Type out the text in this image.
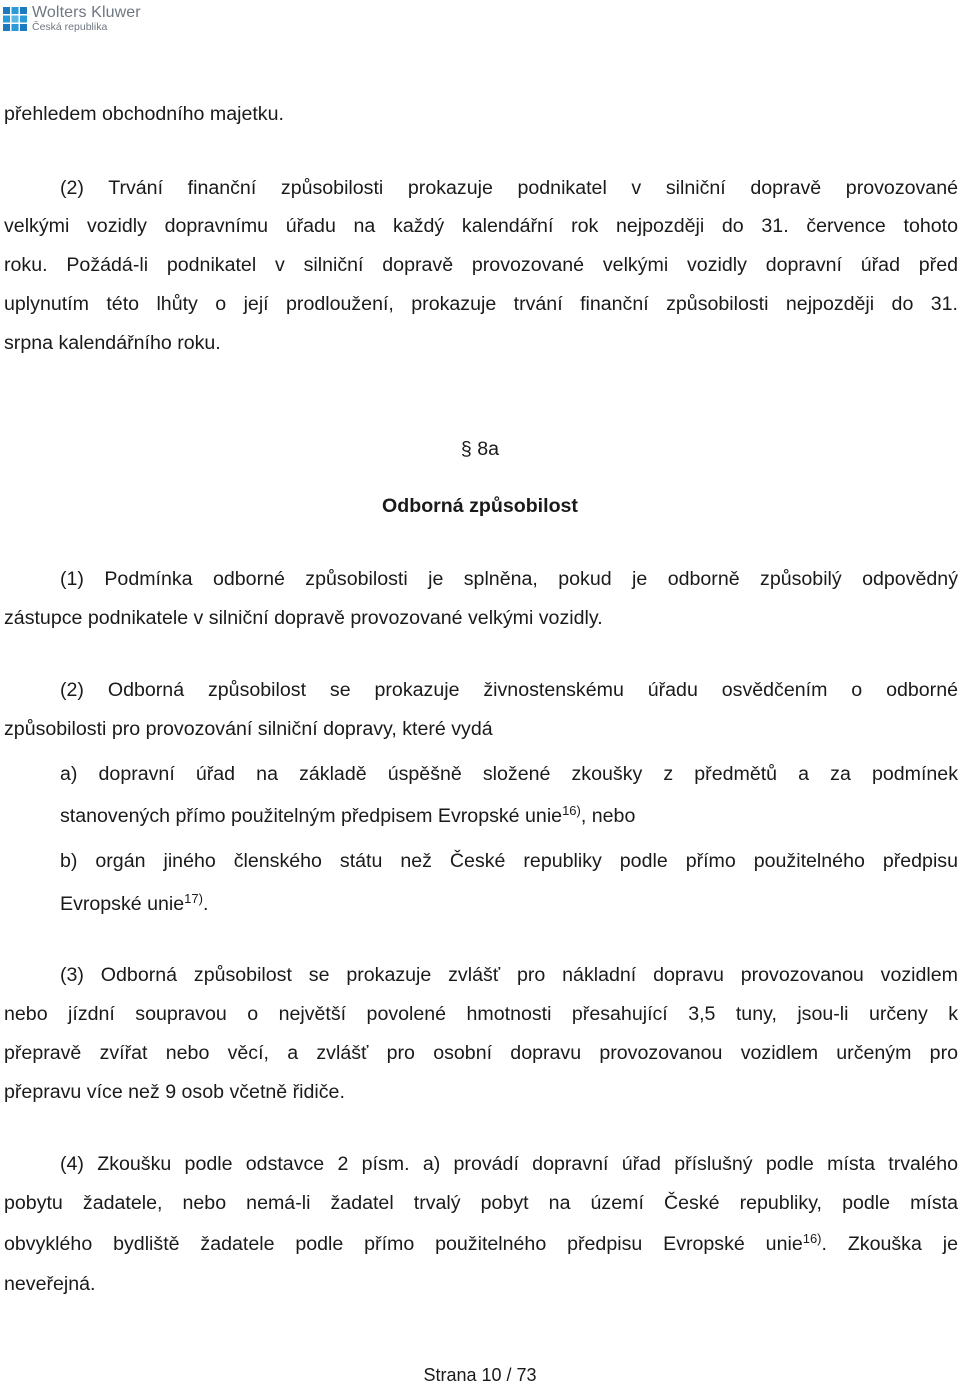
Wolters Kluwer
Česká republika
přehledem obchodního majetku.
(2) Trvání finanční způsobilosti prokazuje podnikatel v silniční dopravě provozované
velkými vozidly dopravnímu úřadu na každý kalendářní rok nejpozději do 31. července tohoto
roku. Požádá-li podnikatel v silniční dopravě provozované velkými vozidly dopravní úřad před
uplynutím této lhůty o její prodloužení, prokazuje trvání finanční způsobilosti nejpozději do 31.
srpna kalendářního roku.
§ 8a
Odborná způsobilost
(1) Podmínka odborné způsobilosti je splněna, pokud je odborně způsobilý odpovědný
zástupce podnikatele v silniční dopravě provozované velkými vozidly.
(2) Odborná způsobilost se prokazuje živnostenskému úřadu osvědčením o odborné
způsobilosti pro provozování silniční dopravy, které vydá
a) dopravní úřad na základě úspěšně složené zkoušky z předmětů a za podmínek
stanovených přímo použitelným předpisem Evropské unie$^{16)}$, nebo
b) orgán jiného členského státu než České republiky podle přímo použitelného předpisu
Evropské unie$^{17)}$.
(3) Odborná způsobilost se prokazuje zvlášť pro nákladní dopravu provozovanou vozidlem
nebo jízdní soupravou o největší povolené hmotnosti přesahující 3,5 tuny, jsou-li určeny k
přepravě zvířat nebo věcí, a zvlášť pro osobní dopravu provozovanou vozidlem určeným pro
přepravu více než 9 osob včetně řidiče.
(4) Zkoušku podle odstavce 2 písm. a) provádí dopravní úřad příslušný podle místa trvalého
pobytu žadatele, nebo nemá-li žadatel trvalý pobyt na území České republiky, podle místa
obvyklého bydliště žadatele podle přímo použitelného předpisu Evropské unie$^{16)}$. Zkouška je
neveřejná.
Strana 10 / 73
